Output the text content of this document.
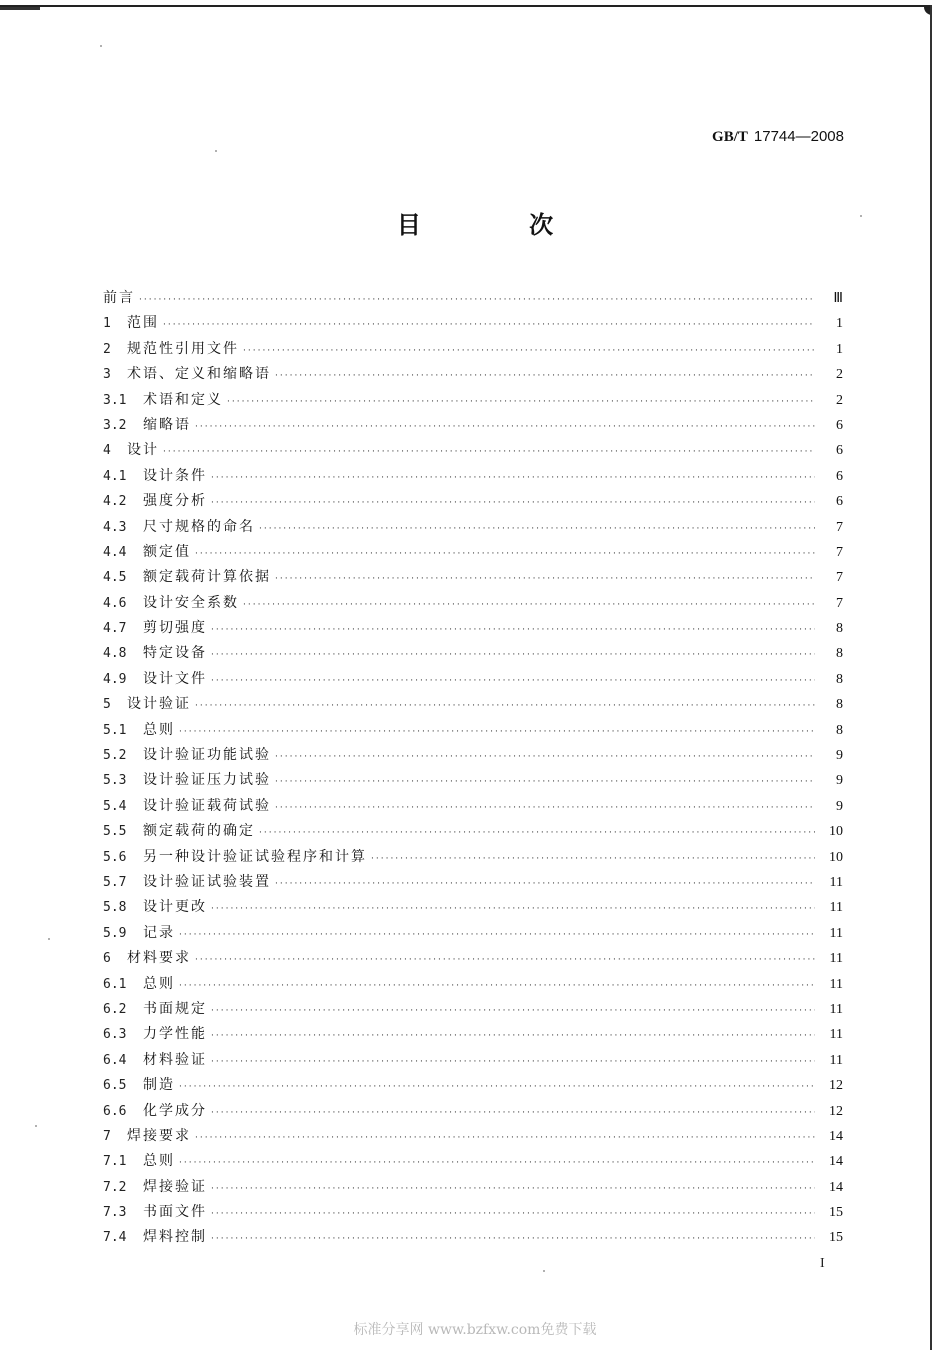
GB/T 17744—2008
目 次
前言 ·····	Ⅲ
1	范围 ·····	1
2	规范性引用文件 ·····	1
3	术语、定义和缩略语 ·····	2
3.1	术语和定义 ·····	2
3.2	缩略语 ·····	6
4	设计 ·····	6
4.1	设计条件 ·····	6
4.2	强度分析 ·····	6
4.3	尺寸规格的命名 ·····	7
4.4	额定值 ·····	7
4.5	额定载荷计算依据 ·····	7
4.6	设计安全系数 ·····	7
4.7	剪切强度 ·····	8
4.8	特定设备 ·····	8
4.9	设计文件 ·····	8
5	设计验证 ·····	8
5.1	总则 ·····	8
5.2	设计验证功能试验 ·····	9
5.3	设计验证压力试验 ·····	9
5.4	设计验证载荷试验 ·····	9
5.5	额定载荷的确定 ·····	10
5.6	另一种设计验证试验程序和计算 ·····	10
5.7	设计验证试验装置 ·····	11
5.8	设计更改 ·····	11
5.9	记录 ·····	11
6	材料要求 ·····	11
6.1	总则 ·····	11
6.2	书面规定 ·····	11
6.3	力学性能 ·····	11
6.4	材料验证 ·····	11
6.5	制造 ·····	12
6.6	化学成分 ·····	12
7	焊接要求 ·····	14
7.1	总则 ·····	14
7.2	焊接验证 ·····	14
7.3	书面文件 ·····	15
7.4	焊料控制 ·····	15
I
标准分享网 www.bzfxw.com免费下载
